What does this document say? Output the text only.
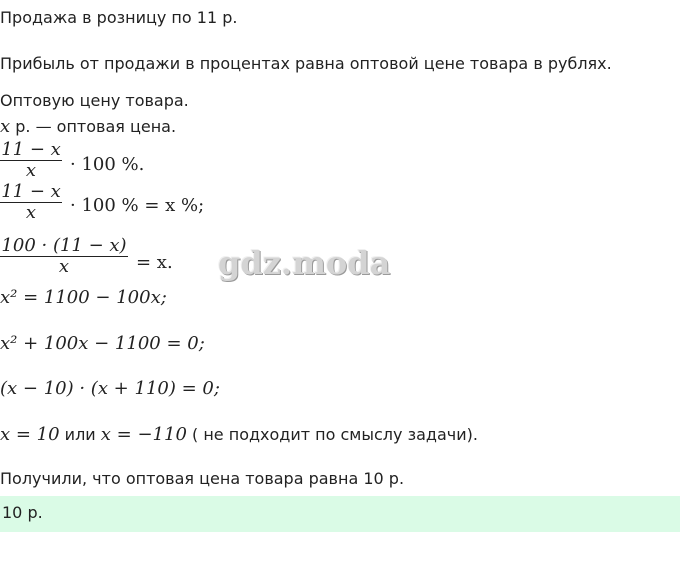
Продажа в розницу по 11 р.
Прибыль от продажи в процентах равна оптовой цене товара в рублях.
Оптовую цену товара.
x р. — оптовая цена.
11 − x
x	· 100 %.
11 − x
x	· 100 % = x %;
100 · (11 − x)
x	= x. gdz.moda
x² = 1100 − 100x;
x² + 100x − 1100 = 0;
(x − 10) · (x + 110) = 0;
x = 10 или x = −110 ( не подходит по смыслу задачи).
Получили, что оптовая цена товара равна 10 р.
10 р.
